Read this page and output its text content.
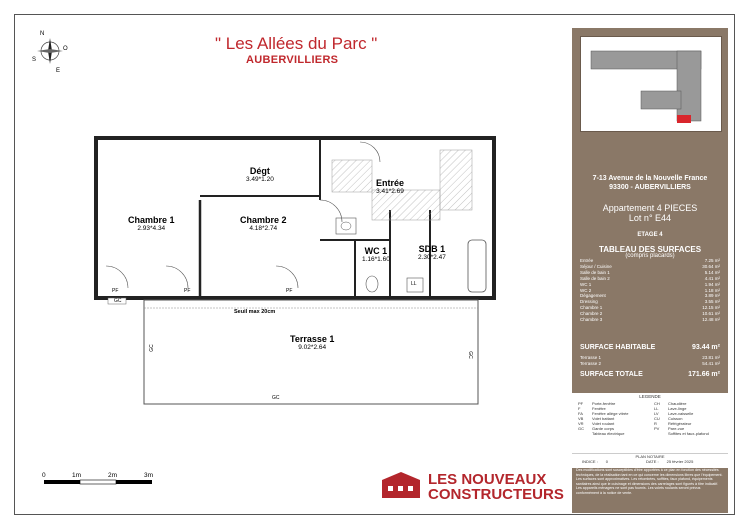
" Les Allées du Parc "
AUBERVILLIERS
N
O
S
E
Chambre 1
2.93*4.34
Chambre 2
4.18*2.74
Dégt
3.49*1.20	Entrée
3.41*2.69
WC 1
1.16*1.60
SDB 1
2.30*2.47
Terrasse 1
9.02*2.64
PF
GC
PF	PF
Seuil max 20cm
LL
GC
GC
GC
0	1m	2m	3m	LES NOUVEAUX
CONSTRUCTEURS
7-13 Avenue de la Nouvelle France
93300 - AUBERVILLIERS
Appartement 4 PIECES
Lot n° E44
ETAGE 4
TABLEAU DES SURFACES
(compris placards)
Entrée	7.25 m²
Séjour / Cuisine	30.64 m²
Salle de bain 1	5.14 m²
Salle de bain 2	4.41 m²
WC 1	1.94 m²
WC 2	1.18 m²
Dégagement	3.89 m²
Dressing	3.55 m²
Chambre 1	12.15 m²
Chambre 2	10.61 m²
Chambre 3	12.48 m²
SURFACE HABITABLE	93.44 m²
Terrasse 1	23.81 m²
Terrasse 2	54.41 m²
SURFACE TOTALE	171.66 m²
LEGENDE
PF Porte-fenêtre
F	Fenêtre
FA Fenêtre allège vitrée
VB Volet battant
VR Volet roulant
GC Garde corps
Tableau électrique
CH Chaudière
LL Lave-linge
LV Lave-vaisselle
CU Cuisson
R	Réfrigérateur
PV Pare-vue
Soffites et faux-plafond
PLAN NOTAIRE
INDICE : 0	DATE : 25 février 2025
Des modifications sont susceptibles d'être apportées à ce plan en fonction des nécessités techniques, de la réalisation tant en ce qui concerne les dimensions libres que l'équipement. Les surfaces sont approximatives. Les retombées, soffites, faux plafond, équipements sanitaires ainsi que le cuisinage et dimensions des carrelages sont figurés à titre indicatif. Les appareils ménagers ne sont pas fournis. Les volets roulants seront prévus conformément à la notice de vente.
